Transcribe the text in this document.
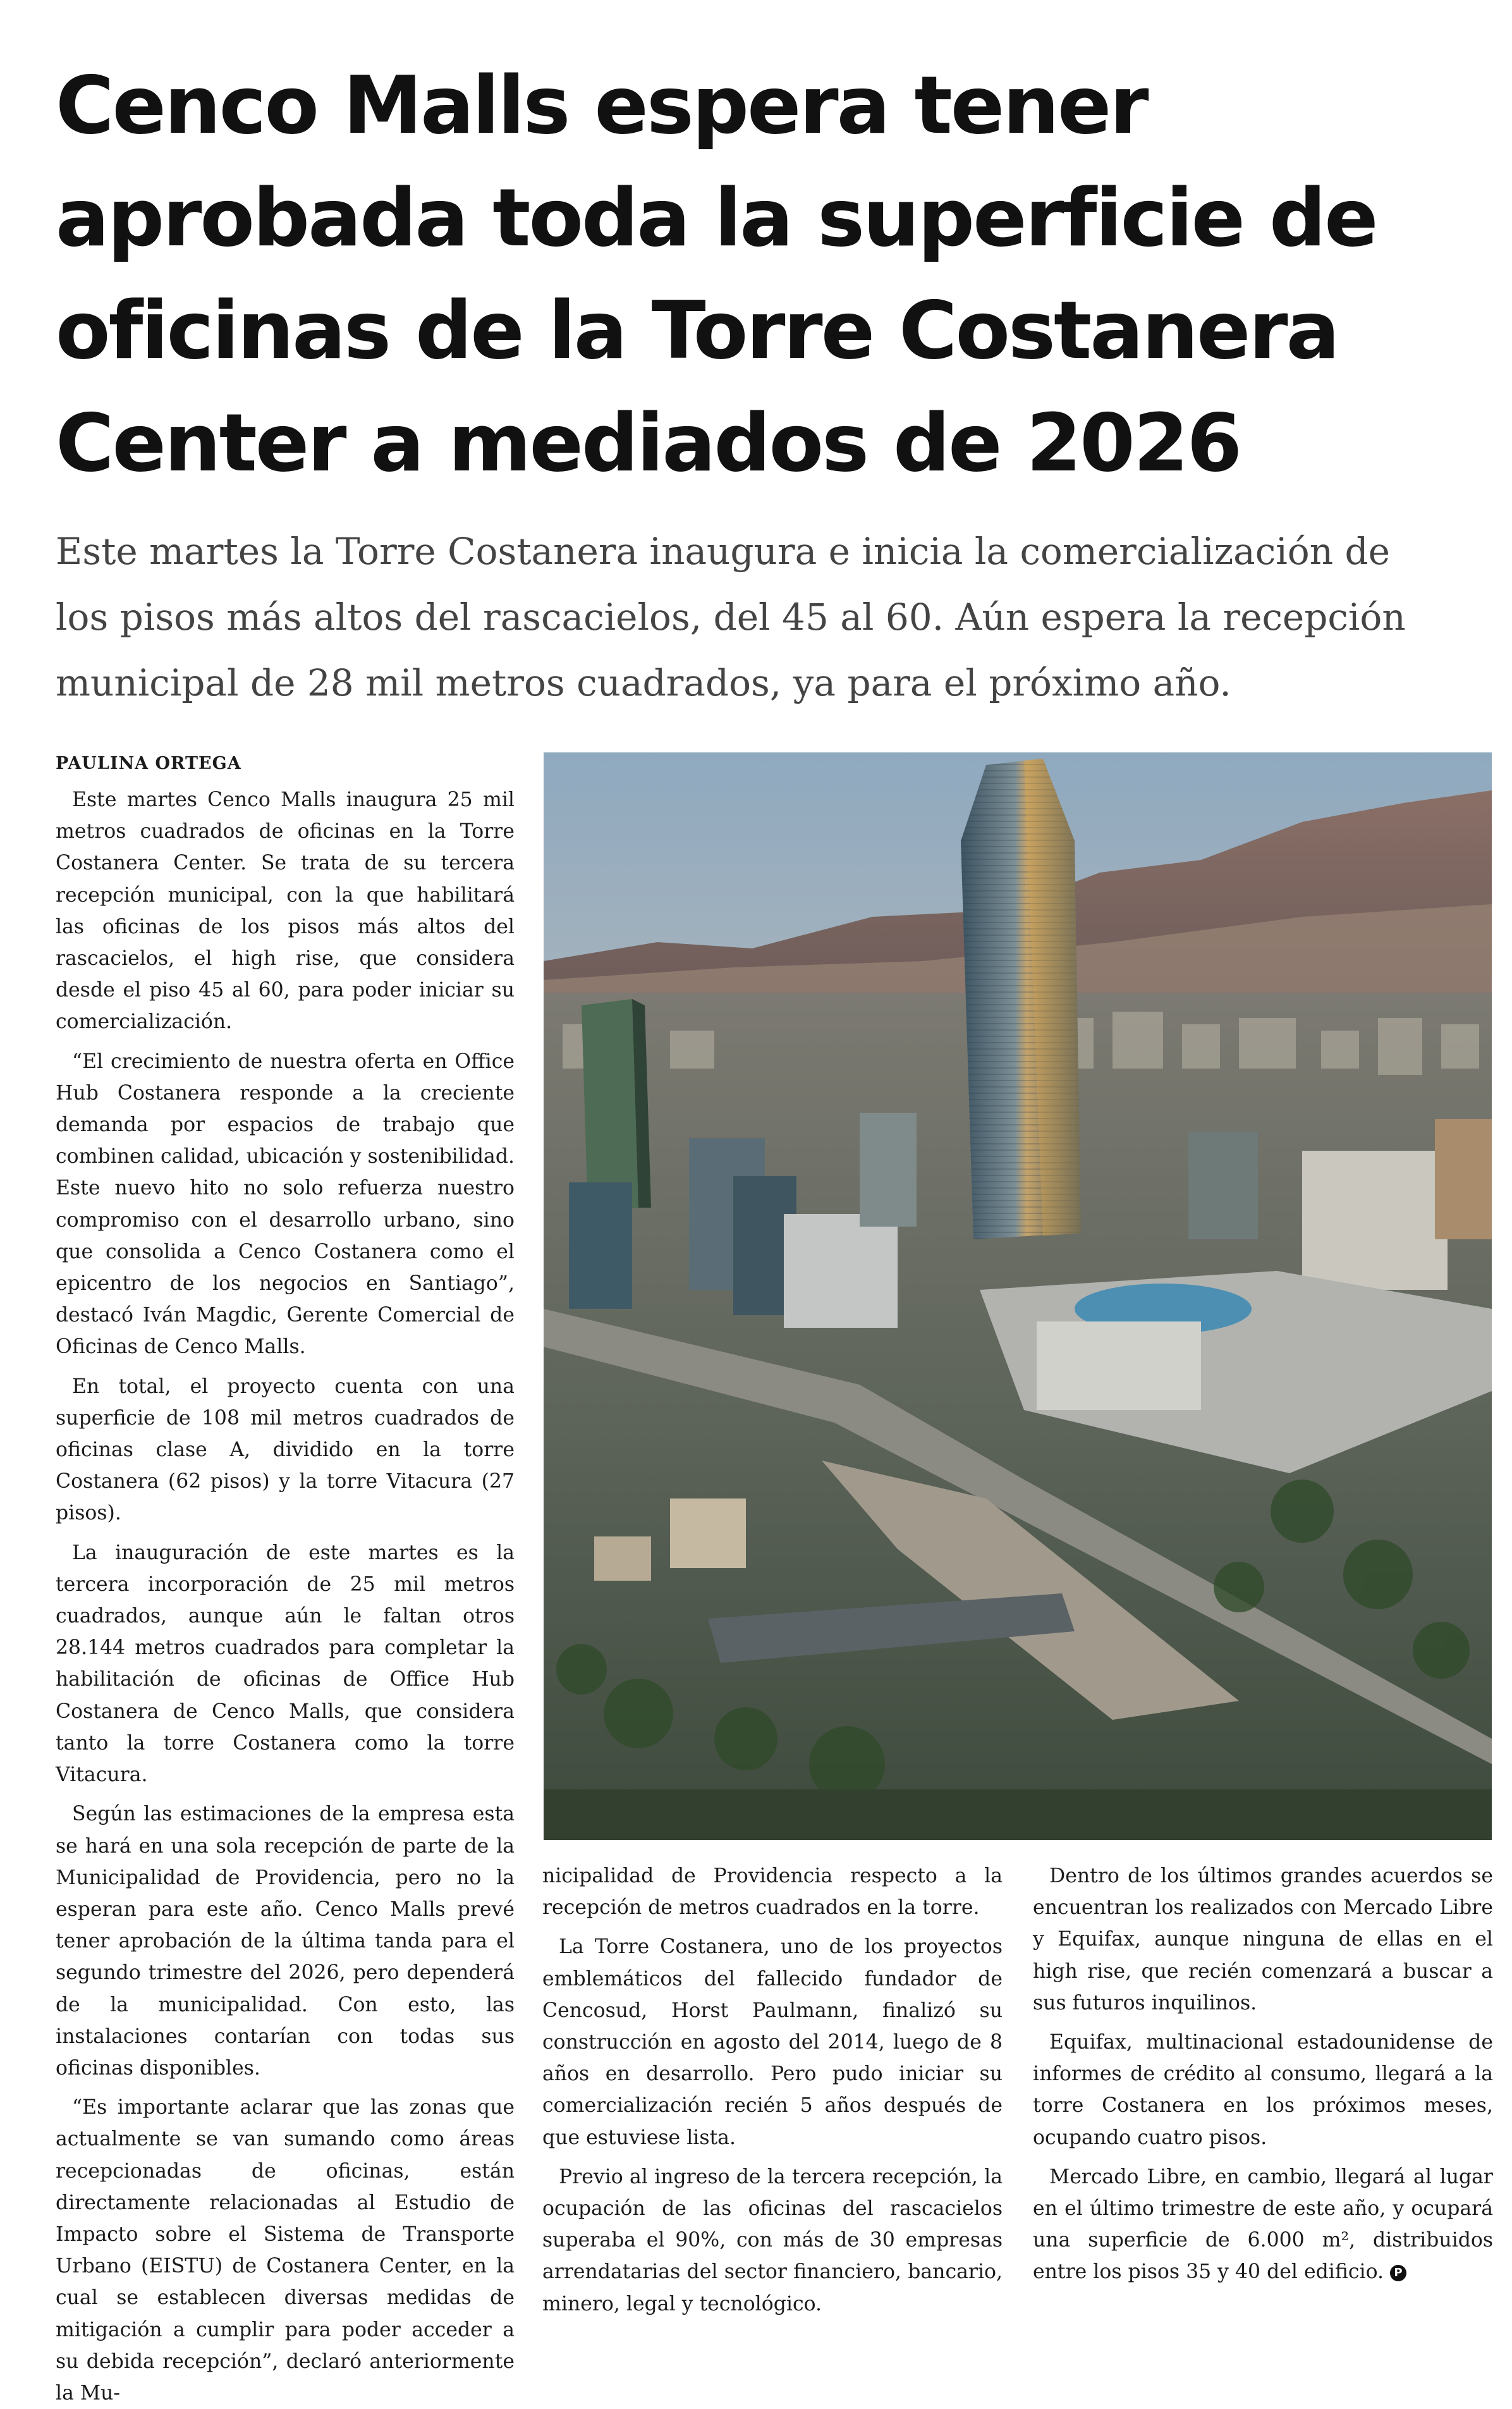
Cenco Malls espera tener
aprobada toda la superficie de
oficinas de la Torre Costanera
Center a mediados de 2026

Este martes la Torre Costanera inaugura e inicia la comercialización de
los pisos más altos del rascacielos, del 45 al 60. Aún espera la recepción
municipal de 28 mil metros cuadrados, ya para el próximo año.

PAULINA ORTEGA

Este martes Cenco Malls inaugura 25 mil metros cuadrados de oficinas en la Torre Costanera Center. Se trata de su tercera recepción municipal, con la que habilitará las oficinas de los pisos más altos del rascacielos, el high rise, que considera desde el piso 45 al 60, para poder iniciar su comercialización.

“El crecimiento de nuestra oferta en Office Hub Costanera responde a la creciente demanda por espacios de trabajo que combinen calidad, ubicación y sostenibilidad. Este nuevo hito no solo refuerza nuestro compromiso con el desarrollo urbano, sino que consolida a Cenco Costanera como el epicentro de los negocios en Santiago”, destacó Iván Magdic, Gerente Comercial de Oficinas de Cenco Malls.

En total, el proyecto cuenta con una superficie de 108 mil metros cuadrados de oficinas clase A, dividido en la torre Costanera (62 pisos) y la torre Vitacura (27 pisos).

La inauguración de este martes es la tercera incorporación de 25 mil metros cuadrados, aunque aún le faltan otros 28.144 metros cuadrados para completar la habilitación de oficinas de Office Hub Costanera de Cenco Malls, que considera tanto la torre Costanera como la torre Vitacura.

Según las estimaciones de la empresa esta se hará en una sola recepción de parte de la Municipalidad de Providencia, pero no la esperan para este año. Cenco Malls prevé tener aprobación de la última tanda para el segundo trimestre del 2026, pero dependerá de la municipalidad. Con esto, las instalaciones contarían con todas sus oficinas disponibles.

“Es importante aclarar que las zonas que actualmente se van sumando como áreas recepcionadas de oficinas, están directamente relacionadas al Estudio de Impacto sobre el Sistema de Transporte Urbano (EISTU) de Costanera Center, en la cual se establecen diversas medidas de mitigación a cumplir para poder acceder a su debida recepción”, declaró anteriormente la Mu-

nicipalidad de Providencia respecto a la recepción de metros cuadrados en la torre.

La Torre Costanera, uno de los proyectos emblemáticos del fallecido fundador de Cencosud, Horst Paulmann, finalizó su construcción en agosto del 2014, luego de 8 años en desarrollo. Pero pudo iniciar su comercialización recién 5 años después de que estuviese lista.

Previo al ingreso de la tercera recepción, la ocupación de las oficinas del rascacielos superaba el 90%, con más de 30 empresas arrendatarias del sector financiero, bancario, minero, legal y tecnológico.

Dentro de los últimos grandes acuerdos se encuentran los realizados con Mercado Libre y Equifax, aunque ninguna de ellas en el high rise, que recién comenzará a buscar a sus futuros inquilinos.

Equifax, multinacional estadounidense de informes de crédito al consumo, llegará a la torre Costanera en los próximos meses, ocupando cuatro pisos.

Mercado Libre, en cambio, llegará al lugar en el último trimestre de este año, y ocupará una superficie de 6.000 m², distribuidos entre los pisos 35 y 40 del edificio. P
